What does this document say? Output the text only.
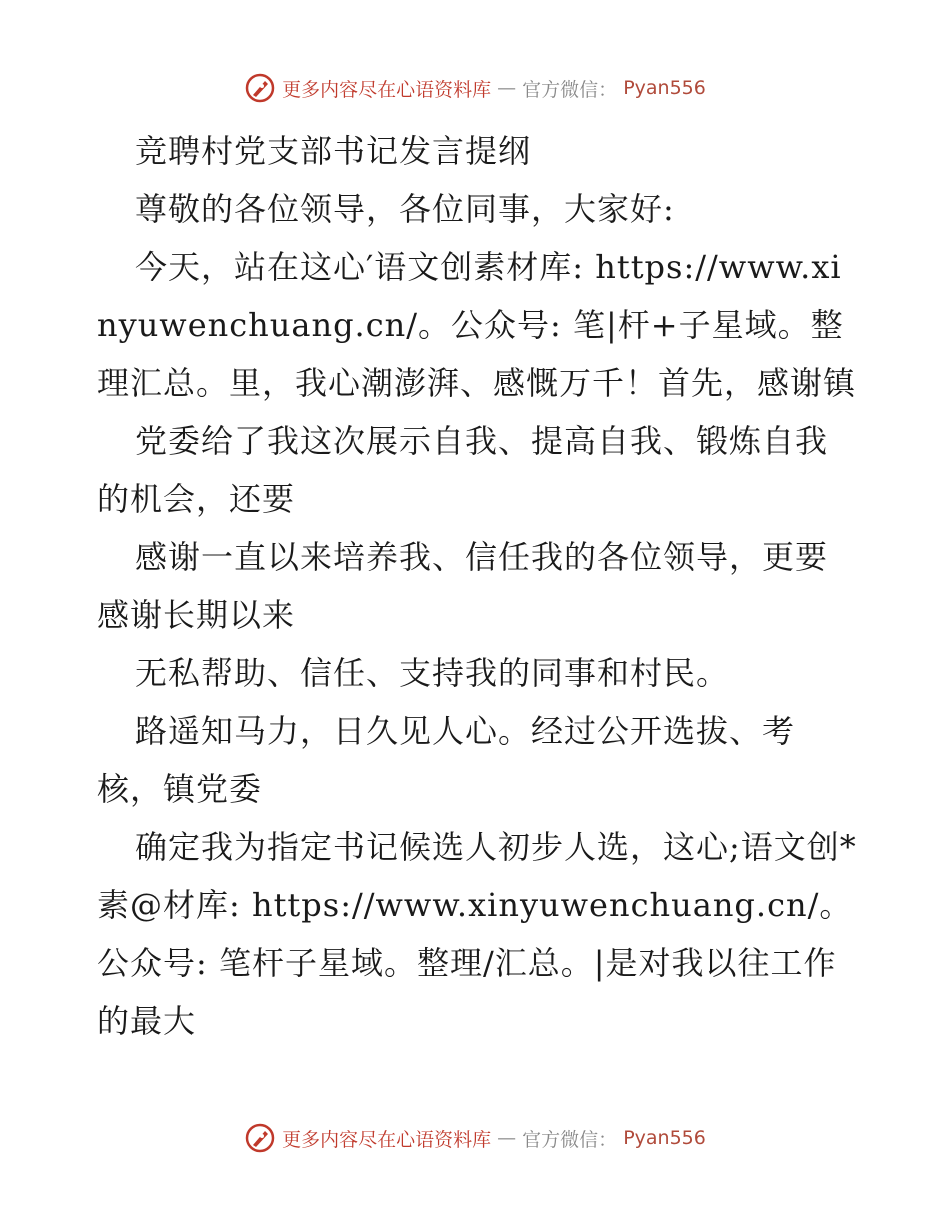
更多内容尽在心语资料库 — 官方微信： Pyan556

竞聘村党支部书记发言提纲

尊敬的各位领导，各位同事，大家好:

今天，站在这心′语文创素材库: https://www.xinyuwenchuang.cn/。公众号: 笔|杆+子星域。整理汇总。里，我心潮澎湃、感慨万千！首先，感谢镇

党委给了我这次展示自我、提高自我、锻炼自我的机会，还要

感谢一直以来培养我、信任我的各位领导，更要感谢长期以来

无私帮助、信任、支持我的同事和村民。

路遥知马力，日久见人心。经过公开选拔、考核，镇党委

确定我为指定书记候选人初步人选，这心;语文创*素@材库: https://www.xinyuwenchuang.cn/。公众号: 笔杆子星域。整理/汇总。|是对我以往工作的最大

更多内容尽在心语资料库 — 官方微信： Pyan556
